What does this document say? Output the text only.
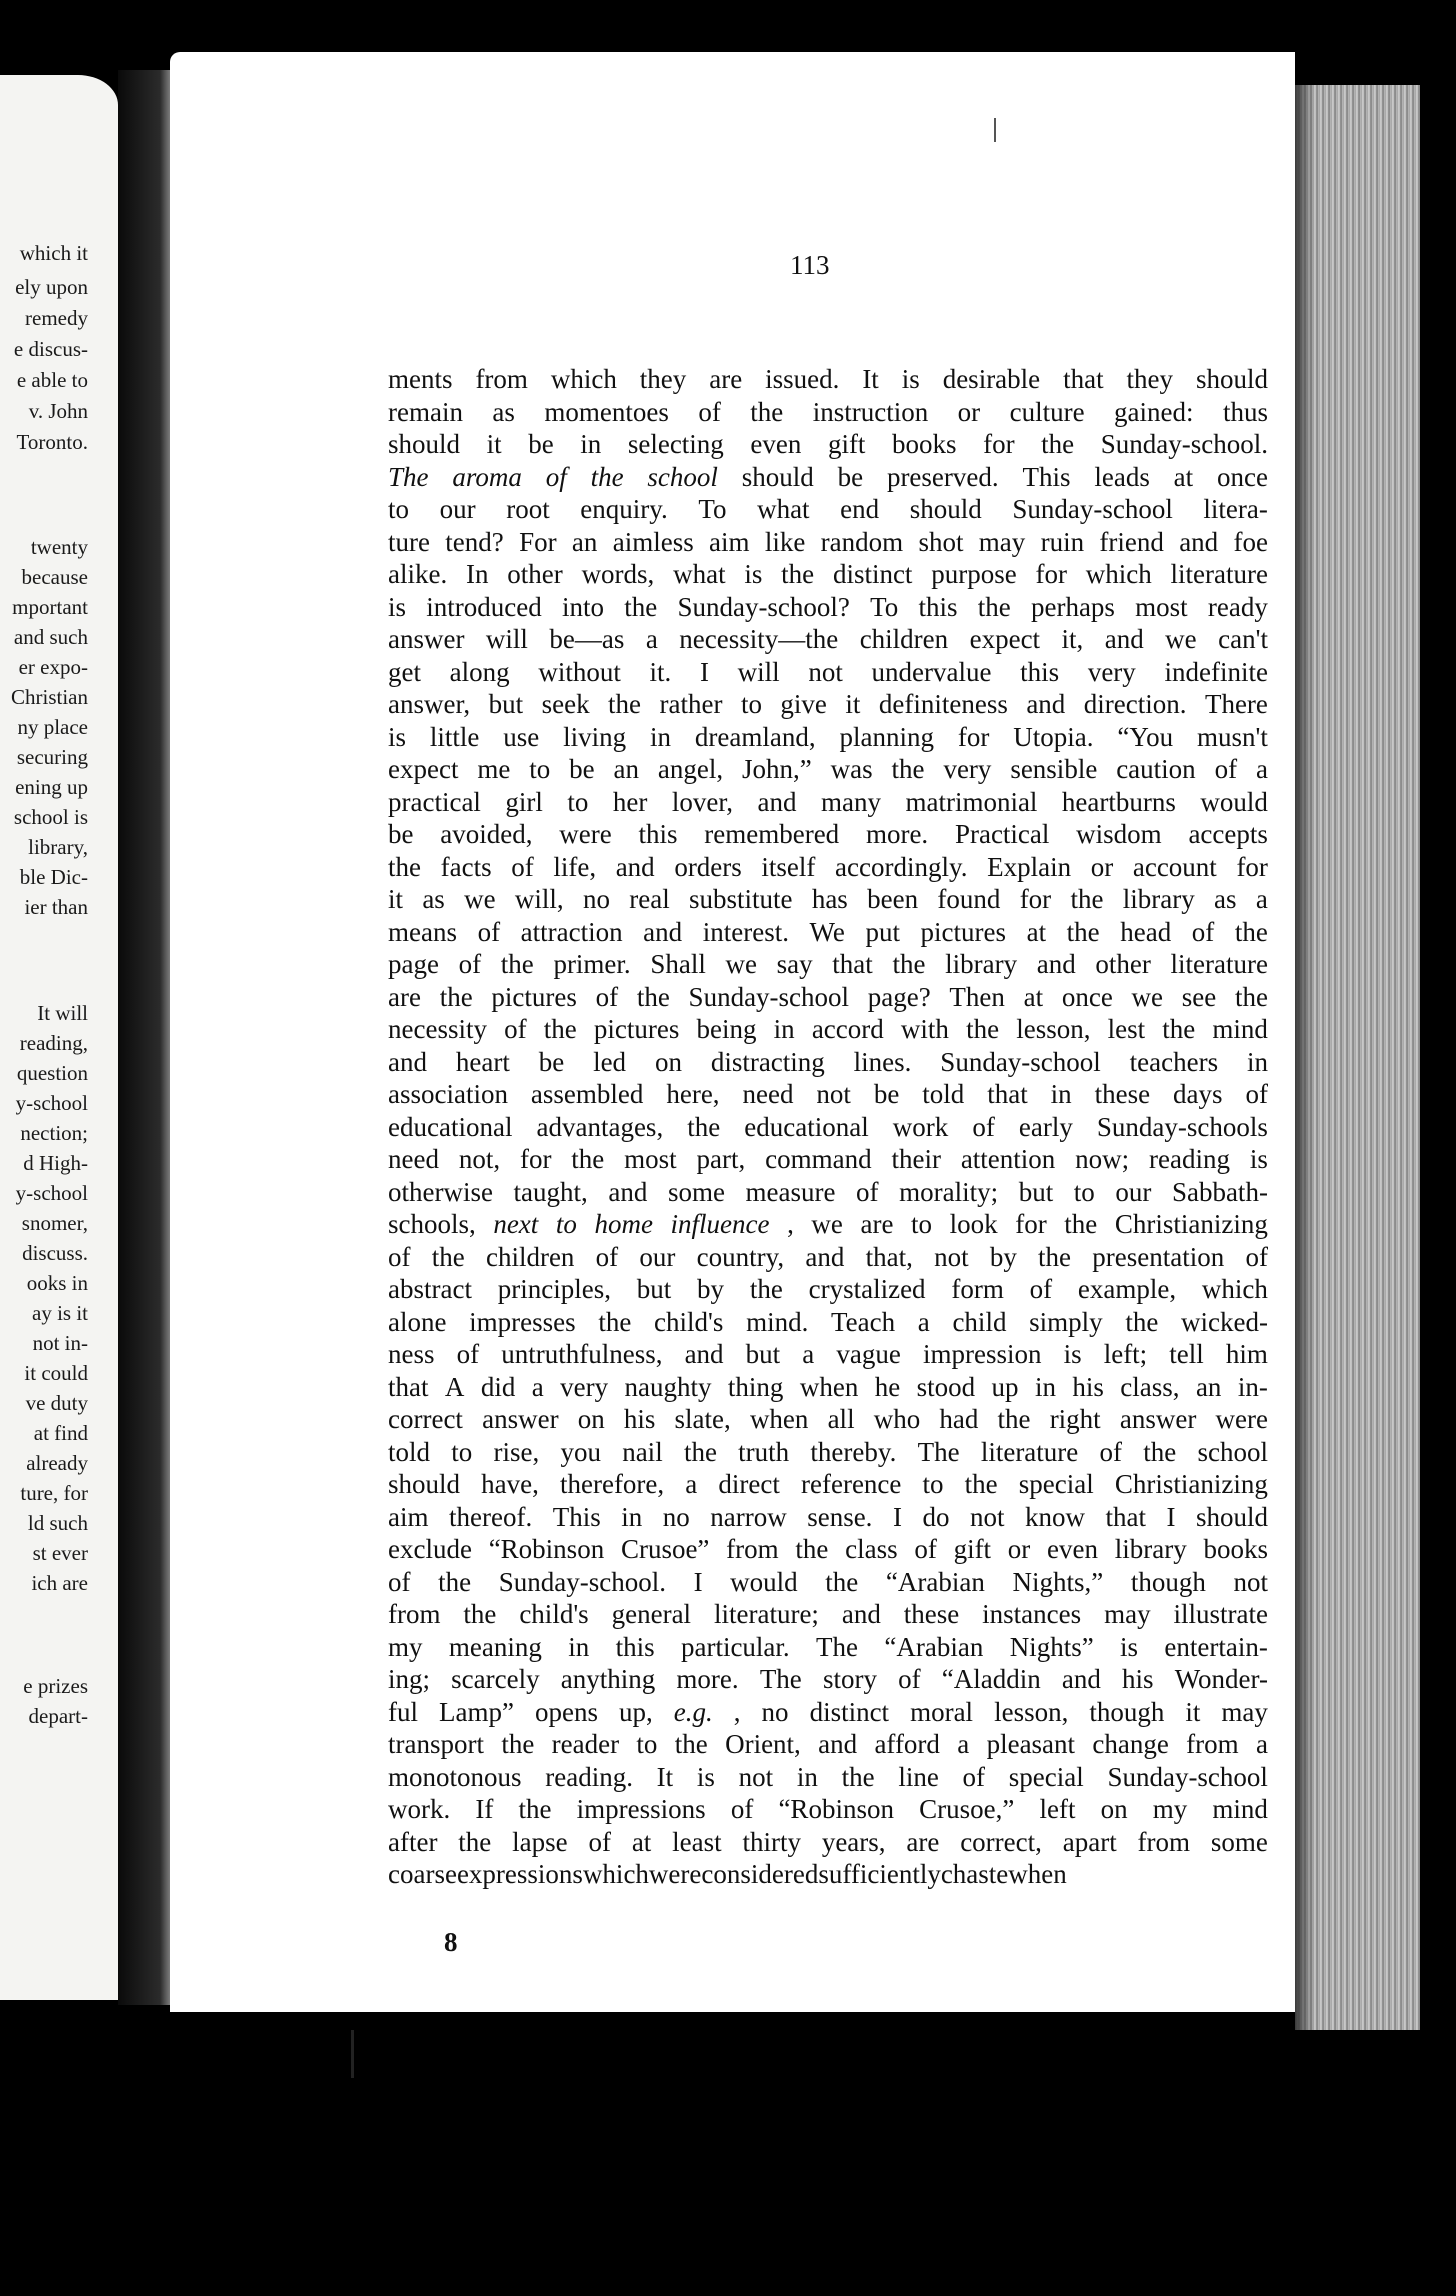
which it
ely upon
remedy
e discus-
e able to
v. John
Toronto.
twenty
because
mportant
and such
er expo-
Christian
ny place
securing
ening up
school is
library,
ble Dic-
ier than
It will
reading,
question
y-school
nection;
d High-
y-school
snomer,
discuss.
ooks in
ay is it
not in-
it could
ve duty
at find
already
ture, for
ld such
st ever
ich are
e prizes
depart-
113
ments from which they are issued. It is desirable that they should
remain as momentoes of the instruction or culture gained: thus
should it be in selecting even gift books for the Sunday-school.
The aroma of the school should be preserved. This leads at once
to our root enquiry. To what end should Sunday-school litera-
ture tend? For an aimless aim like random shot may ruin friend and foe
alike. In other words, what is the distinct purpose for which literature
is introduced into the Sunday-school? To this the perhaps most ready
answer will be—as a necessity—the children expect it, and we can't
get along without it. I will not undervalue this very indefinite
answer, but seek the rather to give it definiteness and direction. There
is little use living in dreamland, planning for Utopia. “You musn't
expect me to be an angel, John,” was the very sensible caution of a
practical girl to her lover, and many matrimonial heartburns would
be avoided, were this remembered more. Practical wisdom accepts
the facts of life, and orders itself accordingly. Explain or account for
it as we will, no real substitute has been found for the library as a
means of attraction and interest. We put pictures at the head of the
page of the primer. Shall we say that the library and other literature
are the pictures of the Sunday-school page? Then at once we see the
necessity of the pictures being in accord with the lesson, lest the mind
and heart be led on distracting lines. Sunday-school teachers in
association assembled here, need not be told that in these days of
educational advantages, the educational work of early Sunday-schools
need not, for the most part, command their attention now; reading is
otherwise taught, and some measure of morality; but to our Sabbath-
schools, next to home influence , we are to look for the Christianizing
of the children of our country, and that, not by the presentation of
abstract principles, but by the crystalized form of example, which
alone impresses the child's mind. Teach a child simply the wicked-
ness of untruthfulness, and but a vague impression is left; tell him
that A did a very naughty thing when he stood up in his class, an in-
correct answer on his slate, when all who had the right answer were
told to rise, you nail the truth thereby. The literature of the school
should have, therefore, a direct reference to the special Christianizing
aim thereof. This in no narrow sense. I do not know that I should
exclude “Robinson Crusoe” from the class of gift or even library books
of the Sunday-school. I would the “Arabian Nights,” though not
from the child's general literature; and these instances may illustrate
my meaning in this particular. The “Arabian Nights” is entertain-
ing; scarcely anything more. The story of “Aladdin and his Wonder-
ful Lamp” opens up, e.g. , no distinct moral lesson, though it may
transport the reader to the Orient, and afford a pleasant change from a
monotonous reading. It is not in the line of special Sunday-school
work. If the impressions of “Robinson Crusoe,” left on my mind
after the lapse of at least thirty years, are correct, apart from some
coarse expressions which were considered sufficiently chaste when
8
